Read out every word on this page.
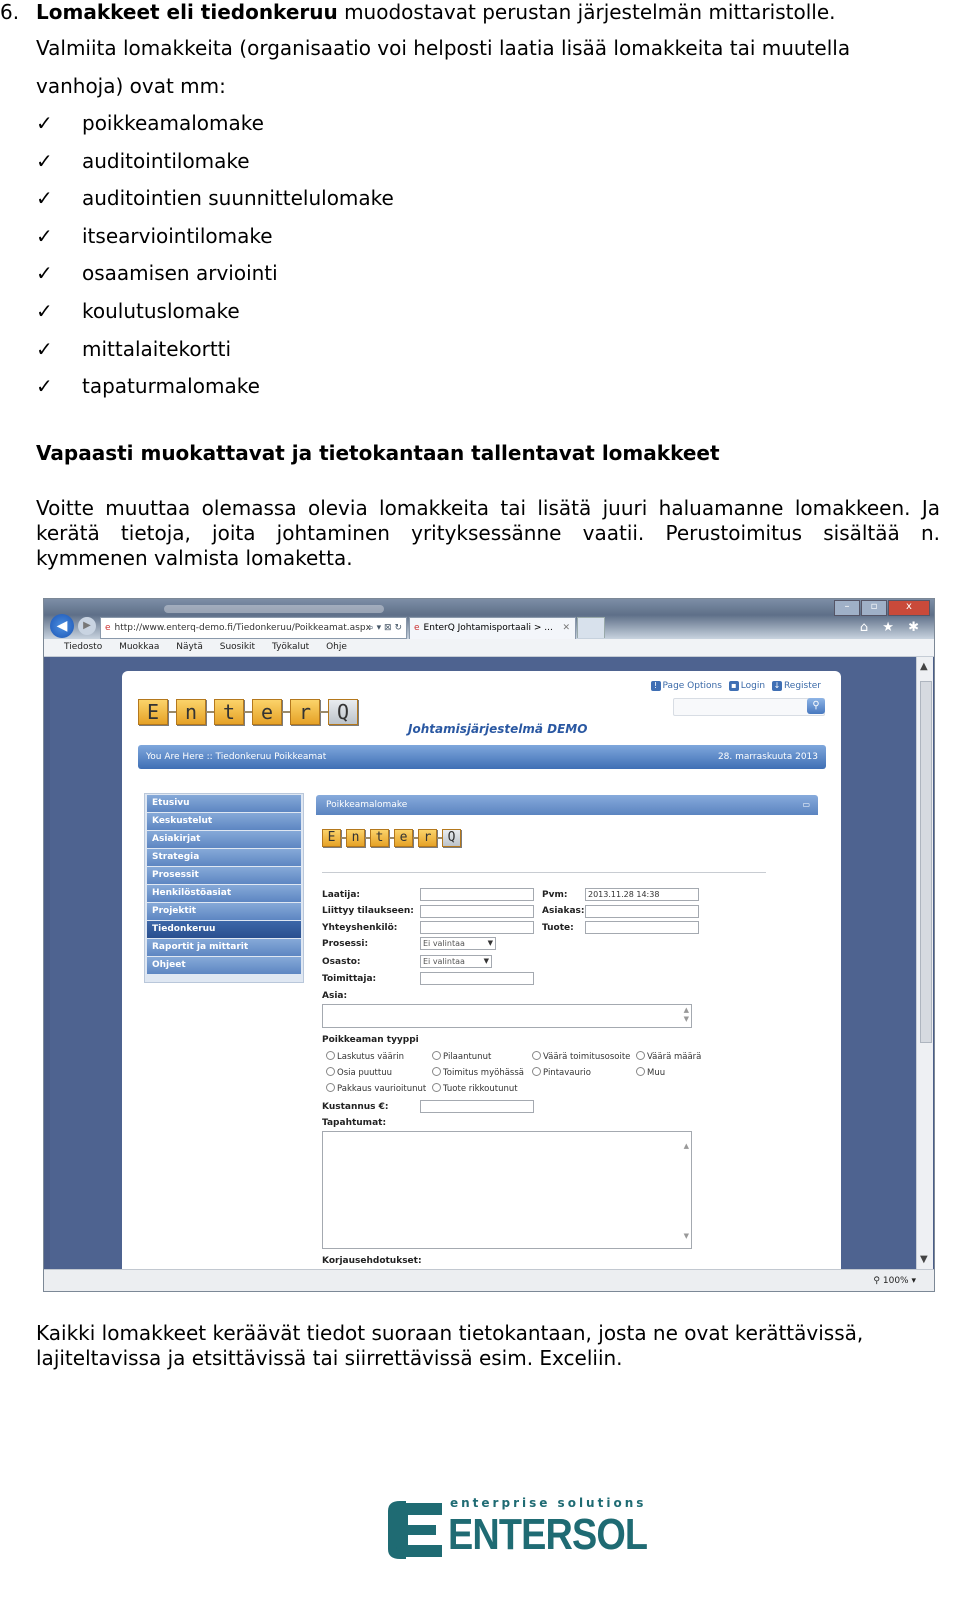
6. Lomakkeet eli tiedonkeruu muodostavat perustan järjestelmän mittaristolle.
Valmiita lomakkeita (organisaatio voi helposti laatia lisää lomakkeita tai muutella
vanhoja) ovat mm:
✓ poikkeamalomake
✓ auditointilomake
✓ auditointien suunnittelulomake
✓ itsearviointilomake
✓ osaamisen arviointi
✓ koulutuslomake
✓ mittalaitekortti
✓ tapaturmalomake
Vapaasti muokattavat ja tietokantaan tallentavat lomakkeet
Voitte muuttaa olemassa olevia lomakkeita tai lisätä juuri haluamanne lomakkeen. Ja
kerätä tietoja, joita johtaminen yrityksessänne vaatii. Perustoimitus sisältää n.
kymmenen valmista lomaketta.
–	▫	x
◀	▶	e http://www.enterq-demo.fi/Tiedonkeruu/Poikkeamat.aspx
⌕ ▾ ⊠ ↻	e EnterQ Johtamisportaali > ... ✕	⌂ ★ ✱
Tiedosto Muokkaa Näytä Suosikit Työkalut Ohje
E	n	t	e	r	Q
Johtamisjärjestelmä DEMO
! Page Options ▪ Login ↓ Register
⚲
You Are Here :: Tiedonkeruu Poikkeamat	28. marraskuuta 2013
Etusivu
Keskustelut
Asiakirjat
Strategia
Prosessit
Henkilöstöasiat
Projektit
Tiedonkeruu
Raportit ja mittarit
Ohjeet
Poikkeamalomake	▭
E	n	t	e	r	Q
Laatija:
Liittyy tilaukseen:
Yhteyshenkilö:
Prosessi:	Ei valintaa	▼
Osasto:	Ei valintaa	▼
Toimittaja:
Asia:
▲
▼
Pvm:	2013.11.28 14:38
Asiakas:
Tuote:
Poikkeaman tyyppi
Laskutus väärin	Pilaantunut	Väärä toimitusosoite	Väärä määrä
Osia puuttuu	Toimitus myöhässä	Pintavaurio	Muu
Pakkaus vaurioitunut	Tuote rikkoutunut
Kustannus €:
Tapahtumat:
▲
▼
Korjausehdotukset:
▲
▼
⚲ 100% ▾
Kaikki lomakkeet keräävät tiedot suoraan tietokantaan, josta ne ovat kerättävissä,
lajiteltavissa ja etsittävissä tai siirrettävissä esim. Exceliin.
enterprise solutions
ENTERSOL
